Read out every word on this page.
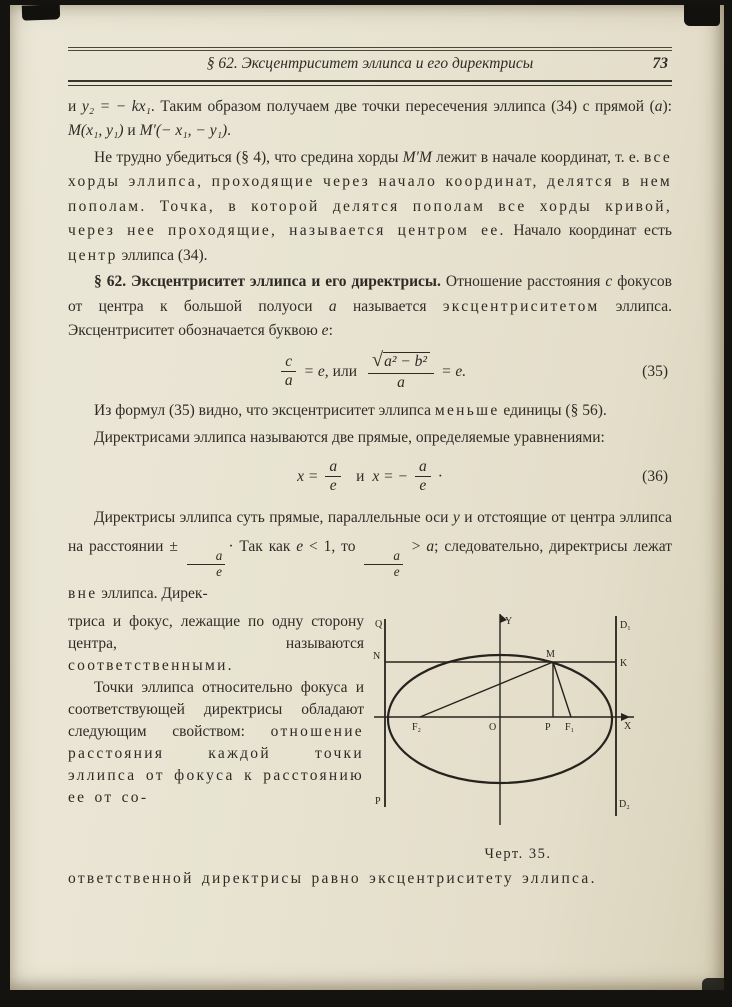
§ 62. Эксцентриситет эллипса и его директрисы	73

и y₂ = − kx₁. Таким образом получаем две точки пересечения эллипса (34) с прямой (a): M(x₁, y₁) и M′(− x₁, − y₁).

Не трудно убедиться (§ 4), что средина хорды M′M лежит в начале координат, т. е. все хорды эллипса, проходящие через начало координат, делятся в нем пополам. Точка, в которой делятся пополам все хорды кривой, через нее проходящие, называется центром ее. Начало координат есть центр эллипса (34).

§ 62. Эксцентриситет эллипса и его директрисы. Отношение расстояния c фокусов от центра к большой полуоси a называется эксцентриситетом эллипса. Эксцентриситет обозначается буквою e:

$\frac{c}{a} = e$, или $\frac{\text{√ a² − b²}}{a} = e$.	(35)

Из формул (35) видно, что эксцентриситет эллипса меньше единицы (§ 56).

Директрисами эллипса называются две прямые, определяемые уравнениями:

$x = \frac{a}{e}$ и x = − $\frac{a}{e}$ ·	(36)

Директрисы эллипса суть прямые, параллельные оси y и отстоящие от центра эллипса на расстоянии ±
$\frac{a}{e}$
· Так как e < 1, то
$\frac{a}{e}$
> a; следовательно, директрисы лежат вне эллипса. Дирек-

триса и фокус, лежащие по одну сторону центра, называются соответственными.

Точки эллипса относительно фокуса и соответствующей директрисы обладают следующим свойством: отношение расстояния каждой точки эллипса от фокуса к расстоянию ее от со-

Q
N
P
Y	D₁
K
X
D₂
O
F₂	P F₁
M
Черт. 35.

ответственной директрисы равно эксцентриситету эллипса.
